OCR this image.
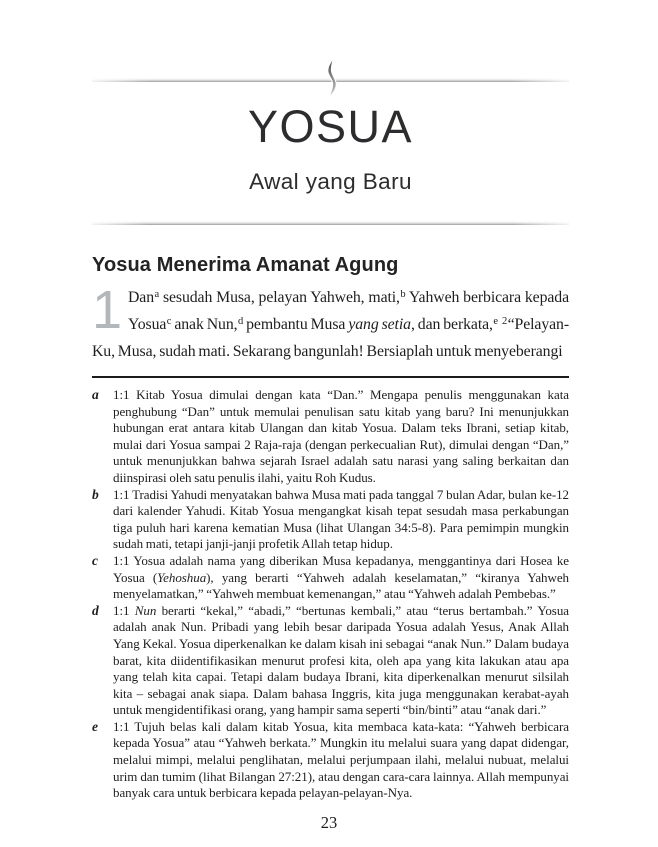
YOSUA
Awal yang Baru
Yosua Menerima Amanat Agung
1 Dan$^a$ sesudah Musa, pelayan Yahweh, mati,$^b$ Yahweh berbicara kepada Yosua$^c$ anak Nun,$^d$ pembantu Musa yang setia, dan berkata,$^e$ $^2$“Pelayan-Ku, Musa, sudah mati. Sekarang bangunlah! Bersiaplah untuk menyeberangi
a	1:1 Kitab Yosua dimulai dengan kata “Dan.” Mengapa penulis menggunakan kata penghubung “Dan” untuk memulai penulisan satu kitab yang baru? Ini menunjukkan hubungan erat antara kitab Ulangan dan kitab Yosua. Dalam teks Ibrani, setiap kitab, mulai dari Yosua sampai 2 Raja-raja (dengan perkecualian Rut), dimulai dengan “Dan,” untuk menunjukkan bahwa sejarah Israel adalah satu narasi yang saling berkaitan dan diinspirasi oleh satu penulis ilahi, yaitu Roh Kudus.

b	1:1 Tradisi Yahudi menyatakan bahwa Musa mati pada tanggal 7 bulan Adar, bulan ke-12 dari kalender Yahudi. Kitab Yosua mengangkat kisah tepat sesudah masa perkabungan tiga puluh hari karena kematian Musa (lihat Ulangan 34:5-8). Para pemimpin mungkin sudah mati, tetapi janji-janji profetik Allah tetap hidup.

c	1:1 Yosua adalah nama yang diberikan Musa kepadanya, menggantinya dari Hosea ke Yosua (Yehoshua), yang berarti “Yahweh adalah keselamatan,” “kiranya Yahweh menyelamatkan,” “Yahweh membuat kemenangan,” atau “Yahweh adalah Pembebas.”

d	1:1 Nun berarti “kekal,” “abadi,” “bertunas kembali,” atau “terus bertambah.” Yosua adalah anak Nun. Pribadi yang lebih besar daripada Yosua adalah Yesus, Anak Allah Yang Kekal. Yosua diperkenalkan ke dalam kisah ini sebagai “anak Nun.” Dalam budaya barat, kita diidentifikasikan menurut profesi kita, oleh apa yang kita lakukan atau apa yang telah kita capai. Tetapi dalam budaya Ibrani, kita diperkenalkan menurut silsilah kita – sebagai anak siapa. Dalam bahasa Inggris, kita juga menggunakan kerabat-ayah untuk mengidentifikasi orang, yang hampir sama seperti “bin/binti” atau “anak dari.”

e	1:1 Tujuh belas kali dalam kitab Yosua, kita membaca kata-kata: “Yahweh berbicara kepada Yosua” atau “Yahweh berkata.” Mungkin itu melalui suara yang dapat didengar, melalui mimpi, melalui penglihatan, melalui perjumpaan ilahi, melalui nubuat, melalui urim dan tumim (lihat Bilangan 27:21), atau dengan cara-cara lainnya. Allah mempunyai banyak cara untuk berbicara kepada pelayan-pelayan-Nya.

23
